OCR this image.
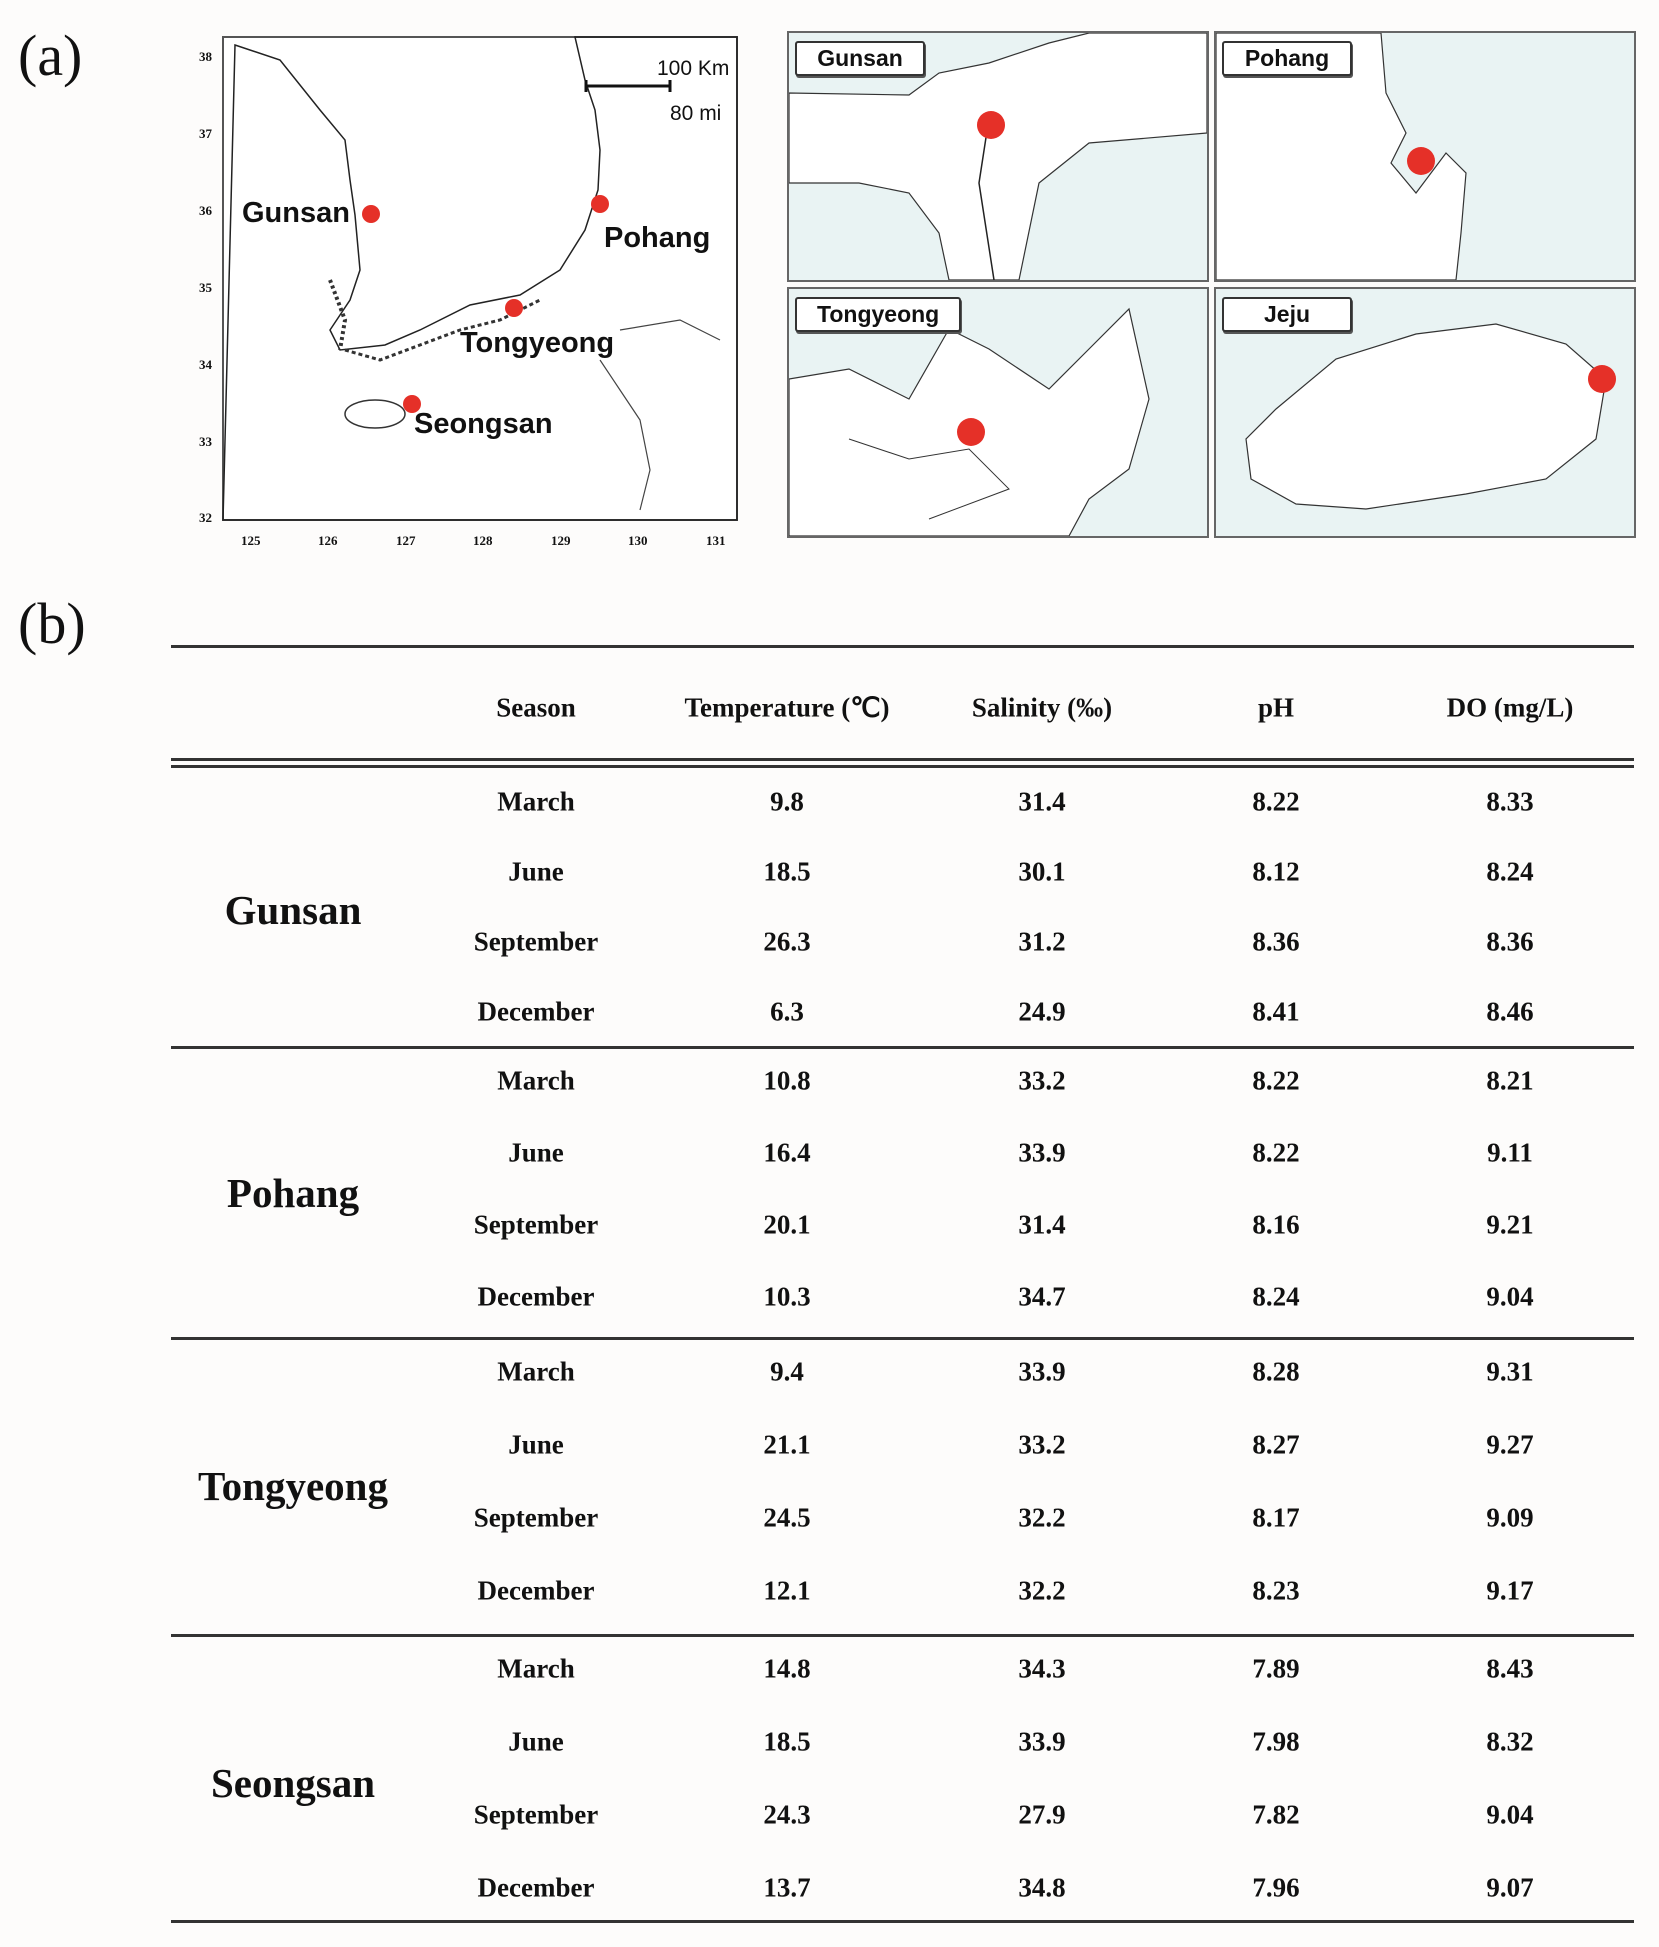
(a)
(b)
100 Km
80 mi
Gunsan
Pohang
Tongyeong
Seongsan
38
37
36
35
34
33
32
125	126	127	128	129	130	131
Gunsan	Pohang
Tongyeong	Jeju
Season	Temperature (℃)	Salinity (‰)	pH	DO (mg/L)
Gunsan
March	9.8	31.4	8.22	8.33
June	18.5	30.1	8.12	8.24
September	26.3	31.2	8.36	8.36
December	6.3	24.9	8.41	8.46
Pohang
March	10.8	33.2	8.22	8.21
June	16.4	33.9	8.22	9.11
September	20.1	31.4	8.16	9.21
December	10.3	34.7	8.24	9.04
Tongyeong
March	9.4	33.9	8.28	9.31
June	21.1	33.2	8.27	9.27
September	24.5	32.2	8.17	9.09
December	12.1	32.2	8.23	9.17
Seongsan
March	14.8	34.3	7.89	8.43
June	18.5	33.9	7.98	8.32
September	24.3	27.9	7.82	9.04
December	13.7	34.8	7.96	9.07
